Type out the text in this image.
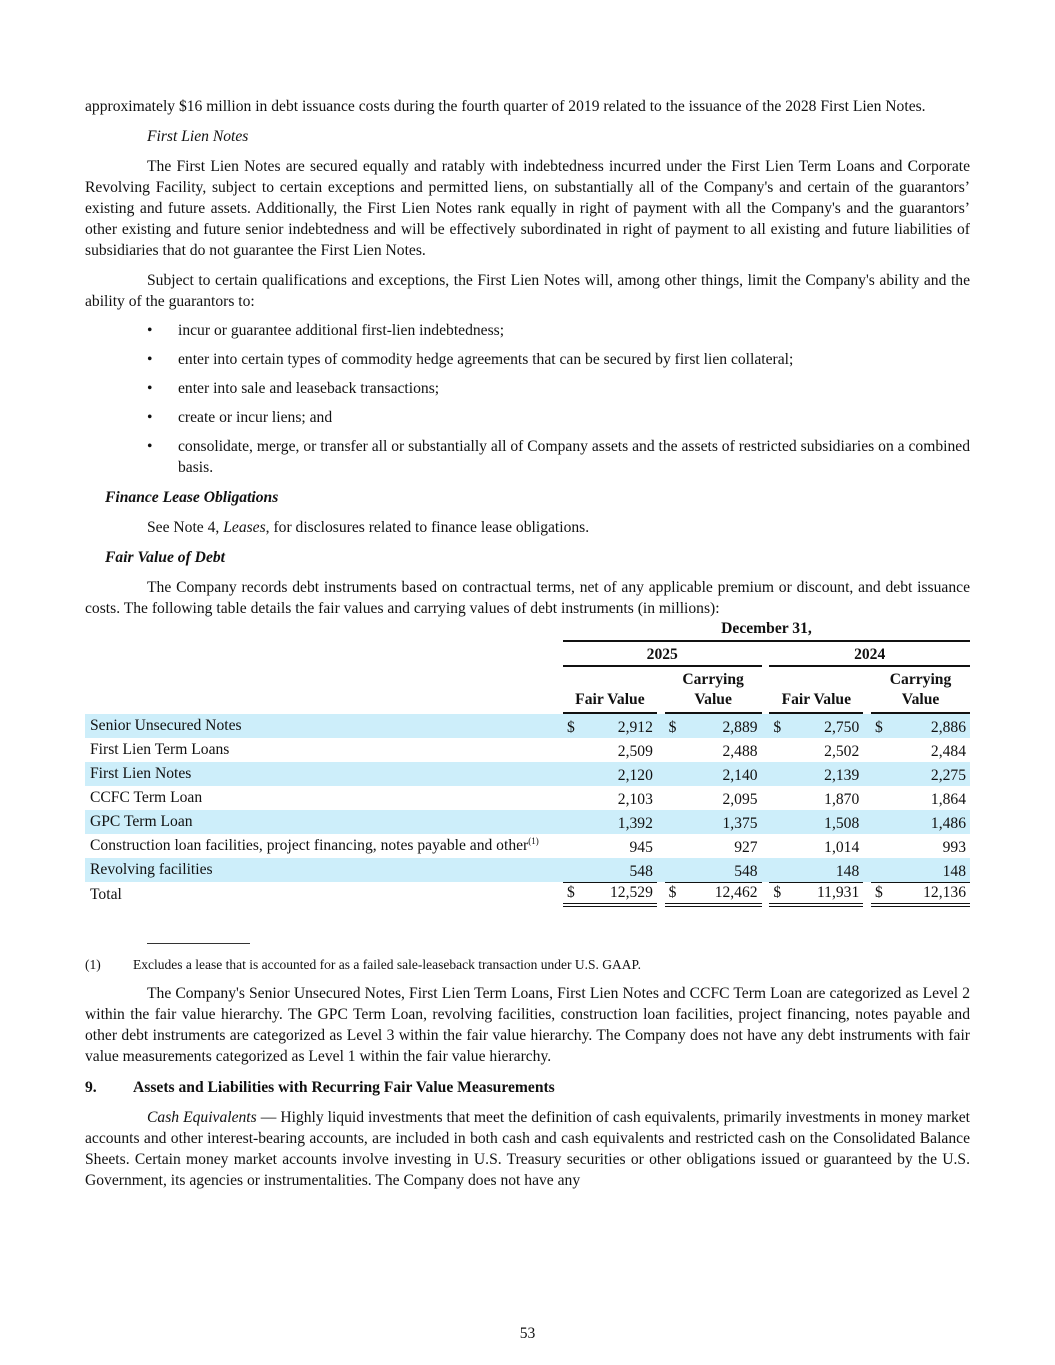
approximately $16 million in debt issuance costs during the fourth quarter of 2019 related to the issuance of the 2028 First Lien Notes.

First Lien Notes

The First Lien Notes are secured equally and ratably with indebtedness incurred under the First Lien Term Loans and Corporate Revolving Facility, subject to certain exceptions and permitted liens, on substantially all of the Company's and certain of the guarantors’ existing and future assets. Additionally, the First Lien Notes rank equally in right of payment with all the Company's and the guarantors’ other existing and future senior indebtedness and will be effectively subordinated in right of payment to all existing and future liabilities of subsidiaries that do not guarantee the First Lien Notes.

Subject to certain qualifications and exceptions, the First Lien Notes will, among other things, limit the Company's ability and the ability of the guarantors to:

• incur or guarantee additional first-lien indebtedness;
• enter into certain types of commodity hedge agreements that can be secured by first lien collateral;
• enter into sale and leaseback transactions;
• create or incur liens; and
• consolidate, merge, or transfer all or substantially all of Company assets and the assets of restricted subsidiaries on a combined basis.

Finance Lease Obligations

See Note 4, Leases, for disclosures related to finance lease obligations.

Fair Value of Debt

The Company records debt instruments based on contractual terms, net of any applicable premium or discount, and debt issuance costs. The following table details the fair values and carrying values of debt instruments (in millions):

		December 31,										
		2025						2024				
		Fair Value			Carrying Value			Fair Value			Carrying Value	
Senior Unsecured Notes		$	2,912		$	2,889		$	2,750		$	2,886
First Lien Term Loans			2,509			2,488			2,502			2,484
First Lien Notes			2,120			2,140			2,139			2,275
CCFC Term Loan			2,103			2,095			1,870			1,864
GPC Term Loan			1,392			1,375			1,508			1,486
Construction loan facilities, project financing, notes payable and other$^{(1)}$			945			927			1,014			993
Revolving facilities			548			548			148			148
Total		$	12,529		$	12,462		$	11,931		$	12,136

(1) Excludes a lease that is accounted for as a failed sale-leaseback transaction under U.S. GAAP.

The Company's Senior Unsecured Notes, First Lien Term Loans, First Lien Notes and CCFC Term Loan are categorized as Level 2 within the fair value hierarchy. The GPC Term Loan, revolving facilities, construction loan facilities, project financing, notes payable and other debt instruments are categorized as Level 3 within the fair value hierarchy. The Company does not have any debt instruments with fair value measurements categorized as Level 1 within the fair value hierarchy.

9. Assets and Liabilities with Recurring Fair Value Measurements

Cash Equivalents — Highly liquid investments that meet the definition of cash equivalents, primarily investments in money market accounts and other interest-bearing accounts, are included in both cash and cash equivalents and restricted cash on the Consolidated Balance Sheets. Certain money market accounts involve investing in U.S. Treasury securities or other obligations issued or guaranteed by the U.S. Government, its agencies or instrumentalities. The Company does not have any

53
